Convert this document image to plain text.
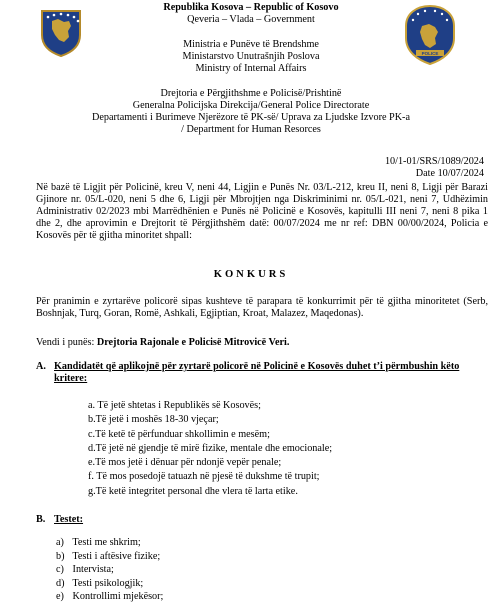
POLICE
Republika Kosova – Republic of Kosovo
Qeveria – Vlada – Government
Ministria e Punëve të Brendshme
Ministarstvo Unutrašnjih Poslova
Ministry of Internal Affairs
Drejtoria e Përgjithshme e Policisë/Prishtinë
Generalna Policijska Direkcija/General Police Directorate
Departamenti i Burimeve Njerëzore të PK-së/ Uprava za Ljudske Izvore PK-a
/ Department for Human Resorces
10/1-01/SRS/1089/2024
Date 10/07/2024
Në bazë të Ligjit për Policinë, kreu V, neni 44, Ligjin e Punës Nr. 03/L-212, kreu II, neni 8, Ligji për Barazi Gjinore nr. 05/L-020, neni 5 dhe 6, Ligji për Mbrojtjen nga Diskriminimi nr. 05/L-021, neni 7, Udhëzimin Administrativ 02/2023 mbi Marrëdhënien e Punës në Policinë e Kosovës, kapitulli III neni 7, neni 8 pika 1 dhe 2, dhe aprovimin e Drejtorit të Përgjithshëm datë: 00/07/2024 me nr ref: DBN 00/00/2024, Policia e Kosovës për të gjitha minoritet shpall:
KONKURS
Për pranimin e zyrtarëve policorë sipas kushteve të parapara të konkurrimit për të gjitha minoritetet (Serb, Boshnjak, Turq, Goran, Romë, Ashkali, Egjiptian, Kroat, Malazez, Maqedonas).
Vendi i punës: Drejtoria Rajonale e Policisë Mitrovicë Veri.
A. Kandidatët që aplikojnë për zyrtarë policorë në Policinë e Kosovës duhet t’i përmbushin këto kritere:
a. Të jetë shtetas i Republikës së Kosovës;
b.Të jetë i moshës 18-30 vjeçar;
c.Të ketë të përfunduar shkollimin e mesëm;
d.Të jetë në gjendje të mirë fizike, mentale dhe emocionale;
e.Të mos jetë i dënuar për ndonjë vepër penale;
f. Të mos posedojë tatuazh në pjesë të dukshme të trupit;
g.Të ketë integritet personal dhe vlera të larta etike.
B. Testet:
a) Testi me shkrim;
b) Testi i aftësive fizike;
c) Intervista;
d) Testi psikologjik;
e) Kontrollimi mjekësor;
